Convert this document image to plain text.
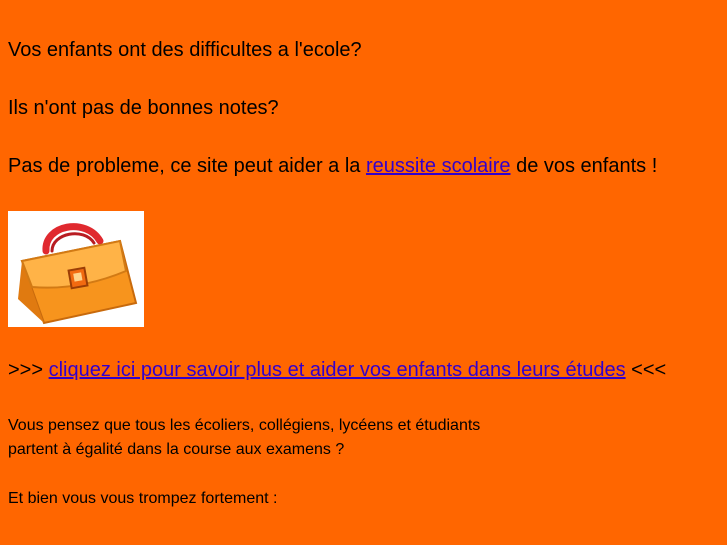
Vos enfants ont des difficultes a l'ecole?

Ils n'ont pas de bonnes notes?

Pas de probleme, ce site peut aider a la reussite scolaire de vos enfants !

>>> cliquez ici pour savoir plus et aider vos enfants dans leurs études <<<

Vous pensez que tous les écoliers, collégiens, lycéens et étudiants

partent à égalité dans la course aux examens ?

Et bien vous vous trompez fortement :
